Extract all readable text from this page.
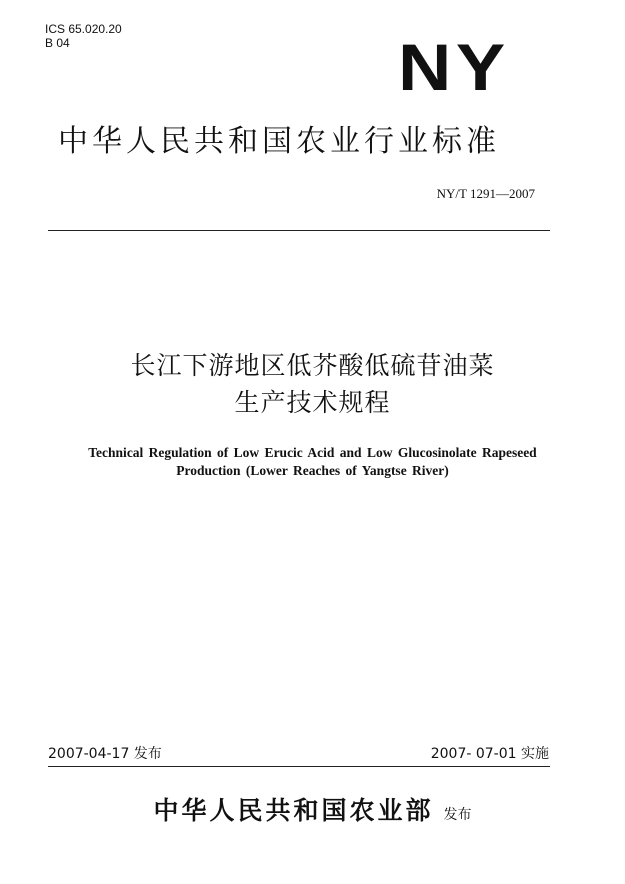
ICS 65.020.20
B 04	NY
中华人民共和国农业行业标准
NY/T 1291—2007
长江下游地区低芥酸低硫苷油菜
生产技术规程
Technical Regulation of Low Erucic Acid and Low Glucosinolate Rapeseed
Production (Lower Reaches of Yangtse River)
2007-04-17 发布	2007- 07-01 实施
中华人民共和国农业部 发布
